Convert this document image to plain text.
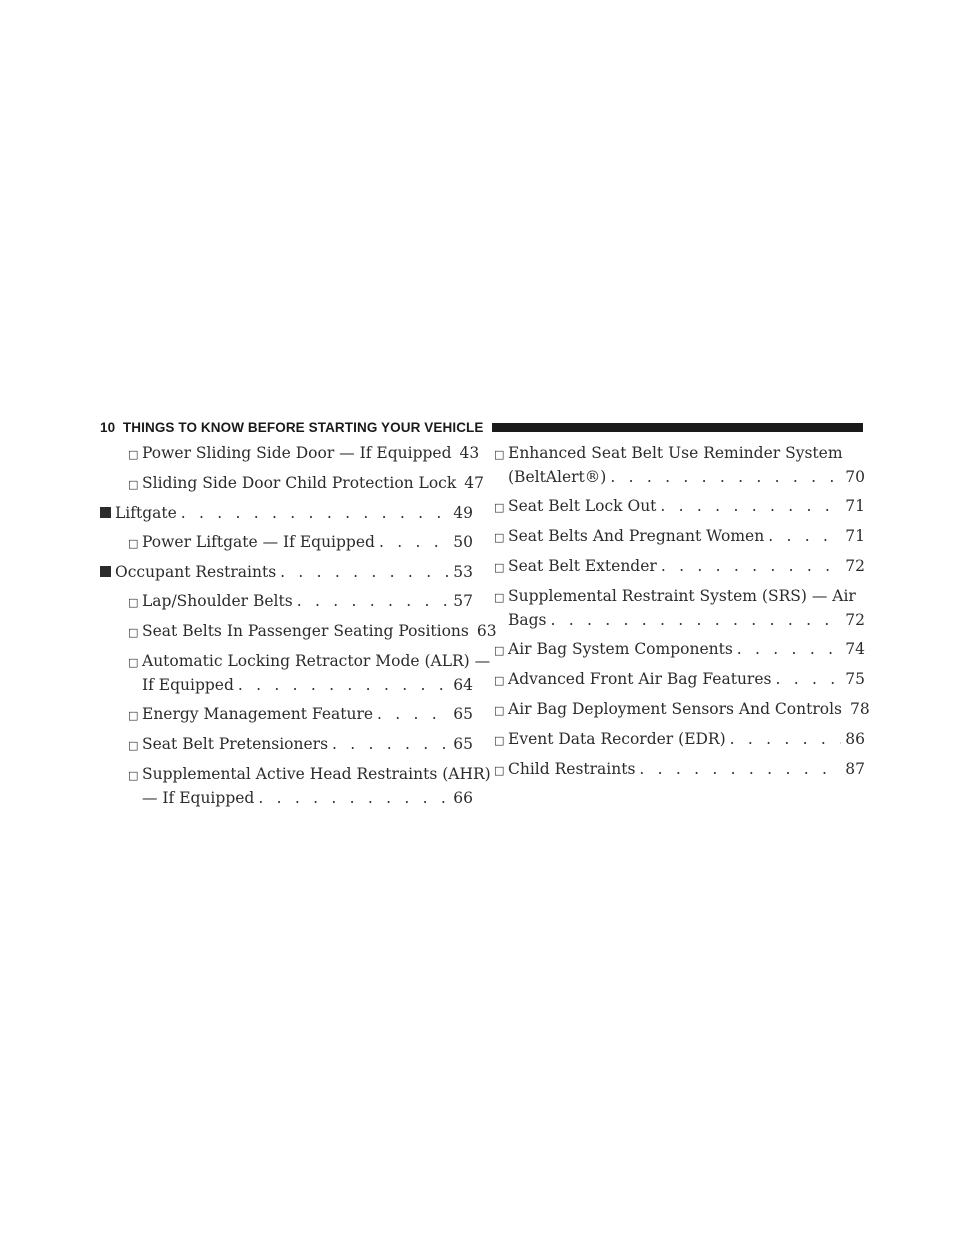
10 THINGS TO KNOW BEFORE STARTING YOUR VEHICLE
□ Power Sliding Side Door — If Equipped 43
□ Sliding Side Door Child Protection Lock 47
Liftgate . . .	49
□ Power Liftgate — If Equipped . . .	50
Occupant Restraints . . .	53
□ Lap/Shoulder Belts . . .	57
□ Seat Belts In Passenger Seating Positions 63
□ Automatic Locking Retractor Mode (ALR) —
If Equipped . . .	64
□ Energy Management Feature . . .	65
□ Seat Belt Pretensioners . . .	65
□ Supplemental Active Head Restraints (AHR)
— If Equipped . . .	66
□ Enhanced Seat Belt Use Reminder System
(BeltAlert®) . . .	70
□ Seat Belt Lock Out . . .	71
□ Seat Belts And Pregnant Women . . .	71
□ Seat Belt Extender . . .	72
□ Supplemental Restraint System (SRS) — Air
Bags . . .	72
□ Air Bag System Components . . .	74
□ Advanced Front Air Bag Features . . .	75
□ Air Bag Deployment Sensors And Controls 78
□ Event Data Recorder (EDR) . . .	86
□ Child Restraints . . .	87
